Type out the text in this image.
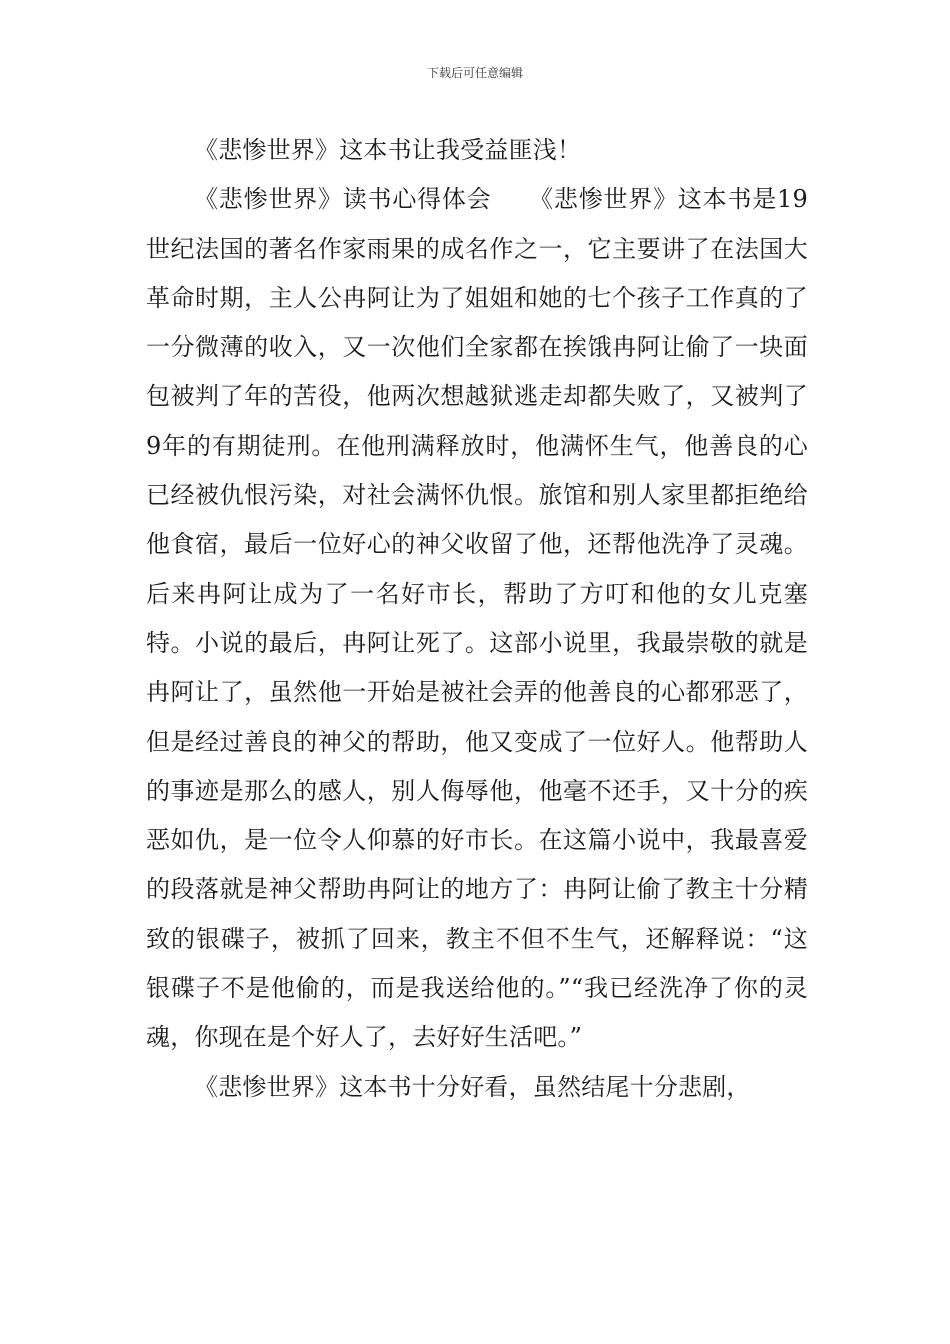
下载后可任意编辑

《悲惨世界》这本书让我受益匪浅！

《悲惨世界》读书心得体会　　《悲惨世界》这本书是19世纪法国的著名作家雨果的成名作之一，它主要讲了在法国大革命时期，主人公冉阿让为了姐姐和她的七个孩子工作真的了一分微薄的收入，又一次他们全家都在挨饿冉阿让偷了一块面包被判了年的苦役，他两次想越狱逃走却都失败了，又被判了9年的有期徒刑。在他刑满释放时，他满怀生气，他善良的心已经被仇恨污染，对社会满怀仇恨。旅馆和别人家里都拒绝给他食宿，最后一位好心的神父收留了他，还帮他洗净了灵魂。后来冉阿让成为了一名好市长，帮助了方叮和他的女儿克塞特。小说的最后，冉阿让死了。这部小说里，我最崇敬的就是冉阿让了，虽然他一开始是被社会弄的他善良的心都邪恶了，但是经过善良的神父的帮助，他又变成了一位好人。他帮助人的事迹是那么的感人，别人侮辱他，他毫不还手，又十分的疾恶如仇，是一位令人仰慕的好市长。在这篇小说中，我最喜爱的段落就是神父帮助冉阿让的地方了：冉阿让偷了教主十分精致的银碟子，被抓了回来，教主不但不生气，还解释说：“这银碟子不是他偷的，而是我送给他的。”“我已经洗净了你的灵魂，你现在是个好人了，去好好生活吧。”

《悲惨世界》这本书十分好看，虽然结尾十分悲剧，
